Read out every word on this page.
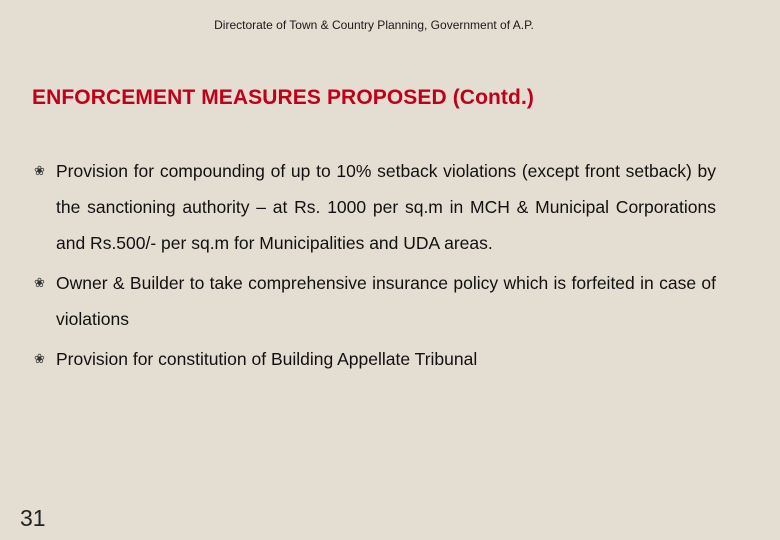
Directorate of Town & Country Planning, Government of A.P.
ENFORCEMENT MEASURES PROPOSED (Contd.)
❀ Provision for compounding of up to 10% setback violations (except front setback) by the sanctioning authority – at Rs. 1000 per sq.m in MCH & Municipal Corporations and Rs.500/- per sq.m for Municipalities and UDA areas.
❀ Owner & Builder to take comprehensive insurance policy which is forfeited in case of violations
❀ Provision for constitution of Building Appellate Tribunal
31
